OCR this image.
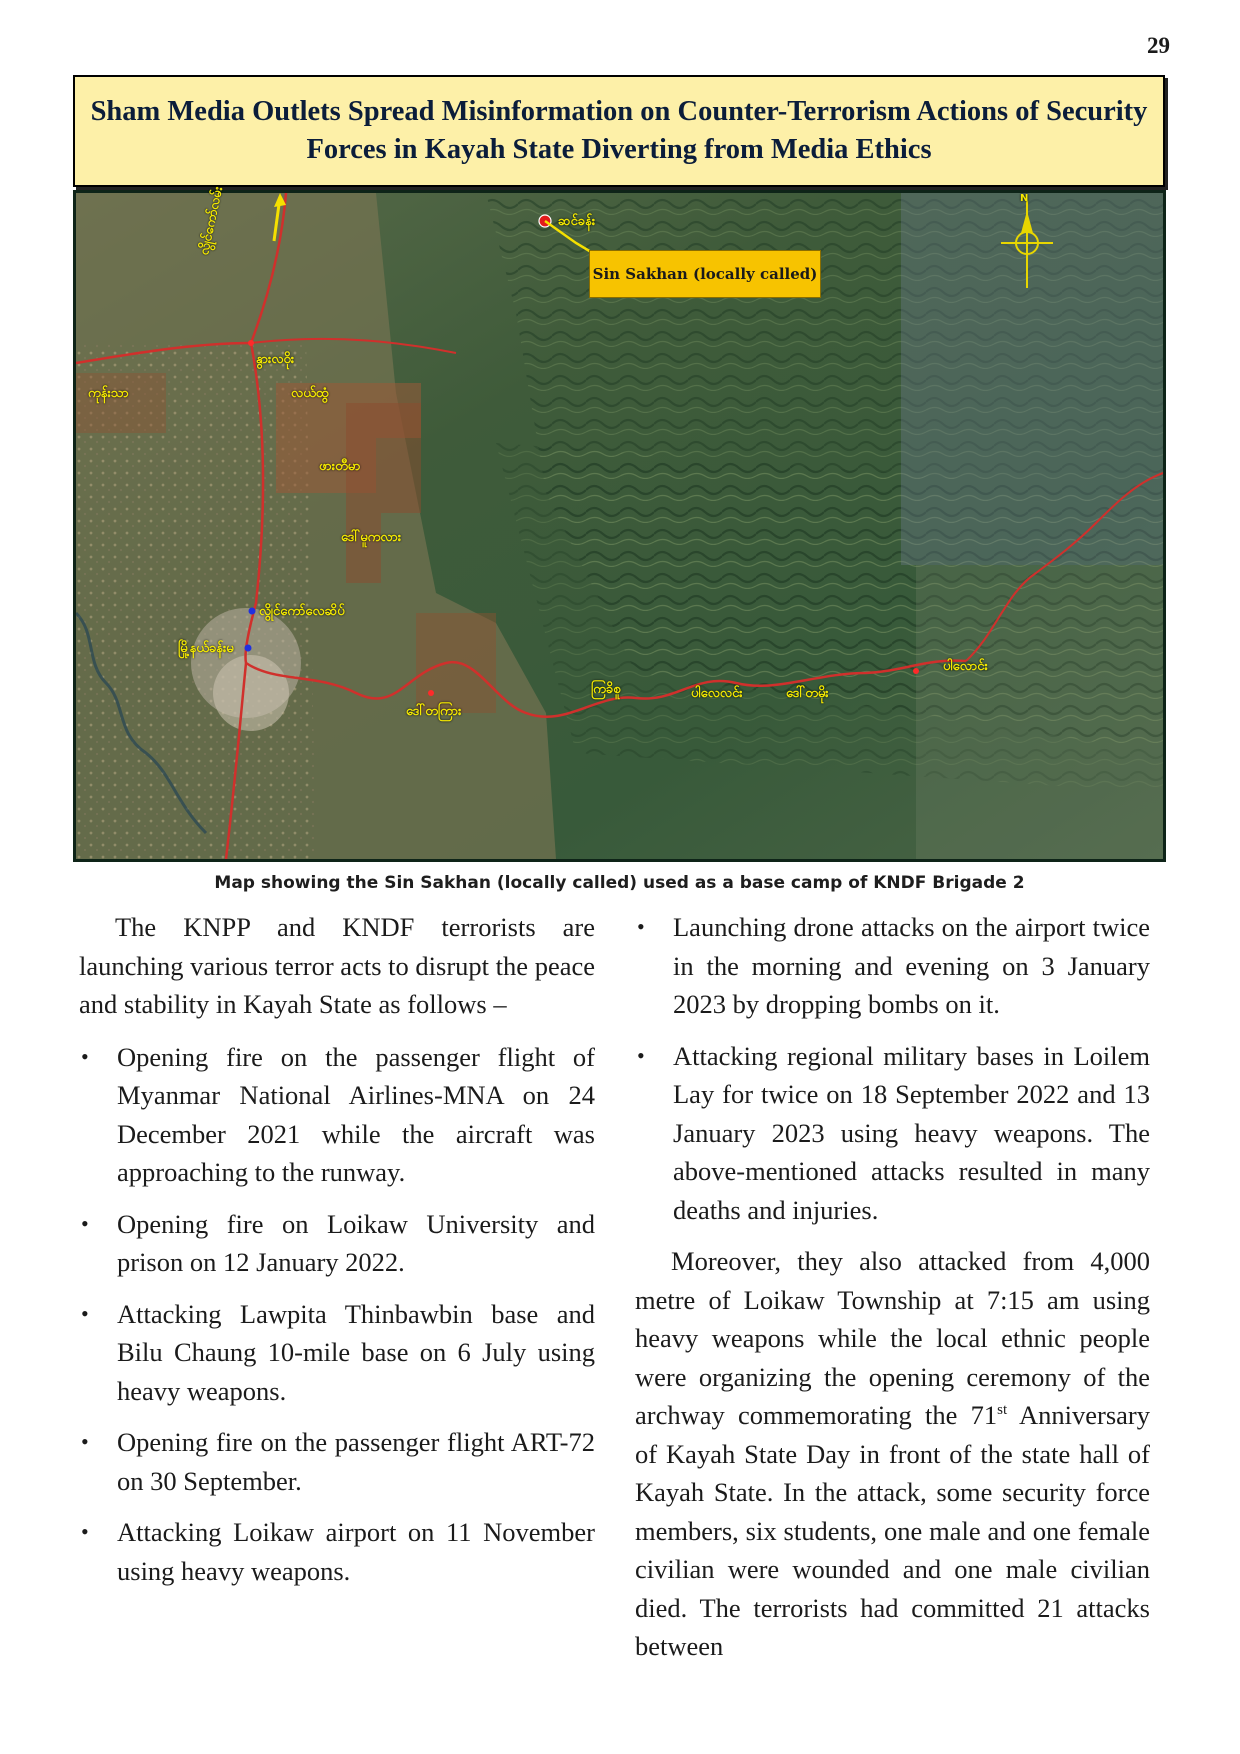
29
Sham Media Outlets Spread Misinformation on Counter-Terrorism Actions of Security Forces in Kayah State Diverting from Media Ethics
ဆင်ခန်း
လွိုင်ကော်လမ်း
နွားလဝိုး
ကုန်းသာ	လယ်ထွံ
ဖားတီမာ
ဒေါ်မူကလား
လွိုင်ကော်လေဆိပ်
မြို့နယ်ခန်းမ
ဒေါ်တကြား
ကြခိစူ	ပါလေလင်း	ဒေါ်တမိုး
ပါလောင်း
N
Sin Sakhan (locally called)
Map showing the Sin Sakhan (locally called) used as a base camp of KNDF Brigade 2

The KNPP and KNDF terrorists are launching various terror acts to disrupt the peace and stability in Kayah State as follows –

• Opening fire on the passenger flight of Myanmar National Airlines-MNA on 24 December 2021 while the aircraft was approaching to the runway.
• Opening fire on Loikaw University and prison on 12 January 2022.
• Attacking Lawpita Thinbawbin base and Bilu Chaung 10-mile base on 6 July using heavy weapons.
• Opening fire on the passenger flight ART-72 on 30 September.
• Attacking Loikaw airport on 11 November using heavy weapons.
• Launching drone attacks on the airport twice in the morning and evening on 3 January 2023 by dropping bombs on it.
• Attacking regional military bases in Loilem Lay for twice on 18 September 2022 and 13 January 2023 using heavy weapons. The above-mentioned attacks resulted in many deaths and injuries.

Moreover, they also attacked from 4,000 metre of Loikaw Township at 7:15 am using heavy weapons while the local ethnic people were organizing the opening ceremony of the archway commemorating the 71st Anniversary of Kayah State Day in front of the state hall of Kayah State. In the attack, some security force members, six students, one male and one female civilian were wounded and one male civilian died. The terrorists had committed 21 attacks between
